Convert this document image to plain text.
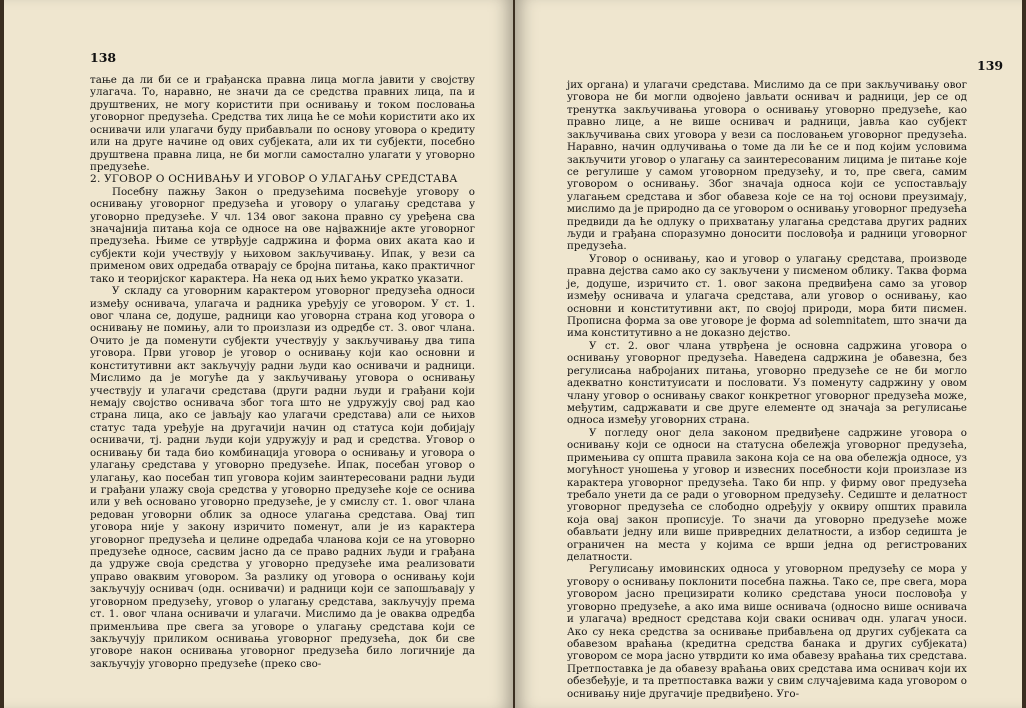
138

тање да ли би се и грађанска правна лица могла јавити у својству улагача. То, наравно, не значи да се средства правних лица, па и друштвених, не могу користити при оснивању и током пословања уговорног предузећа. Средства тих лица ће се моћи користити ако их оснивачи или улагачи буду прибављали по основу уговора о кредиту или на друге начине од ових субјеката, али их ти субјекти, посебно друштвена правна лица, не би могли самостално улагати у уговорно предузеће.

2. УГОВОР О ОСНИВАЊУ И УГОВОР О УЛАГАЊУ СРЕДСТАВА

Посебну пажњу Закон о предузећима посвећује уговору о оснивању уговорног предузећа и уговору о улагању средстава у уговорно предузеће. У чл. 134 овог закона правно су уређена сва значајнија питања која се односе на ове најважније акте уговорног предузећа. Њиме се утврђује садржина и форма ових аката као и субјекти који учествују у њиховом закључивању. Ипак, у вези са применом ових одредаба отварају се бројна питања, како практичног тако и теоријског карактера. На нека од њих ћемо укратко указати.

У складу са уговорним карактером уговорног предузећа односи између оснивача, улагача и радника уређују се уговором. У ст. 1. овог члана се, додуше, радници као уговорна страна код уговора о оснивању не помињу, али то произлази из одредбе ст. 3. овог члана. Очито је да поменути субјекти учествују у закључивању два типа уговора. Први уговор је уговор о оснивању који као основни и конститутивни акт закључују радни људи као оснивачи и радници. Мислимо да је могуће да у закључивању уговора о оснивању учествују и улагачи средстава (други радни људи и грађани који немају својство оснивача због тога што не удружују свој рад као страна лица, ако се јављају као улагачи средстава) али се њихов статус тада уређује на другачији начин од статуса који добијају оснивачи, тј. радни људи који удружују и рад и средства. Уговор о оснивању би тада био комбинација уговора о оснивању и уговора о улагању средстава у уговорно предузеће. Ипак, посебан уговор о улагању, као посебан тип уговора којим заинтересовани радни људи и грађани улажу своја средства у уговорно предузеће које се оснива или у већ основано уговорно предузеће, је у смислу ст. 1. овог члана редован уговорни облик за односе улагања средстава. Овај тип уговора није у закону изричито поменут, али је из карактера уговорног предузећа и целине одредаба чланова који се на уговорно предузеће односе, сасвим јасно да се право радних људи и грађана да удруже своја средства у уговорно предузеће има реализовати управо оваквим уговором. За разлику од уговора о оснивању који закључују оснивач (одн. оснивачи) и радници који се запошљавају у уговорном предузећу, уговор о улагању средстава, закључују према ст. 1. овог члана оснивачи и улагачи. Мислимо да је оваква одредба применљива пре свега за уговоре о улагању средстава који се закључују приликом оснивања уговорног предузећа, док би све уговоре након оснивања уговорног предузећа било логичније да закључују уговорно предузеће (преко сво-

139

јих органа) и улагачи средстава. Мислимо да се при закључивању овог уговора не би могли одвојено јављати оснивач и радници, јер се од тренутка закључивања уговора о оснивању уговорно предузеће, као правно лице, а не више оснивач и радници, јавља као субјект закључивања свих уговора у вези са пословањем уговорног предузећа. Наравно, начин одлучивања о томе да ли ће се и под којим условима закључити уговор о улагању са заинтересованим лицима је питање које се регулише у самом уговорном предузећу, и то, пре свега, самим уговором о оснивању. Због значаја односа који се успостављају улагањем средстава и због обавеза које се на тој основи преузимају, мислимо да је природно да се уговором о оснивању уговорног предузећа предвиди да ће одлуку о прихватању улагања средстава других радних људи и грађана споразумно доносити пословођа и радници уговорног предузећа.

Уговор о оснивању, као и уговор о улагању средстава, производе правна дејства само ако су закључени у писменом облику. Таква форма је, додуше, изричито ст. 1. овог закона предвиђена само за уговор између оснивача и улагача средстава, али уговор о оснивању, као основни и конститутивни акт, по својој природи, мора бити писмен. Прописна форма за ове уговоре је форма ad solemnitatem, што значи да има конститутивно а не доказно дејство.

У ст. 2. овог члана утврђена је основна садржина уговора о оснивању уговорног предузећа. Наведена садржина је обавезна, без регулисања набројаних питања, уговорно предузеће се не би могло адекватно конституисати и пословати. Уз поменуту садржину у овом члану уговор о оснивању сваког конкретног уговорног предузећа може, међутим, садржавати и све друге елементе од значаја за регулисање односа између уговорних страна.

У погледу оног дела законом предвиђене садржине уговора о оснивању који се односи на статусна обележја уговорног предузећа, примењива су општа правила закона која се на ова обележја односе, уз могућност уношења у уговор и извесних посебности који произлазе из карактера уговорног предузећа. Тако би нпр. у фирму овог предузећа требало унети да се ради о уговорном предузећу. Седиште и делатност уговорног предузећа се слободно одређују у оквиру општих правила која овај закон прописује. То значи да уговорно предузеће може обављати једну или више привредних делатности, а избор седишта је ограничен на места у којима се врши једна од регистрованих делатности.

Регулисању имовинских односа у уговорном предузећу се мора у уговору о оснивању поклонити посебна пажња. Тако се, пре свега, мора уговором јасно прецизирати колико средстава уноси пословођа у уговорно предузеће, а ако има више оснивача (односно више оснивача и улагача) вредност средстава који сваки оснивач одн. улагач уноси. Ако су нека средства за оснивање прибављена од других субјеката са обавезом враћања (кредитна средства банака и других субјеката) уговором се мора јасно утврдити ко има обавезу враћања тих средстава. Претпоставка је да обавезу враћања ових средстава има оснивач који их обезбеђује, и та претпоставка важи у свим случајевима када уговором о оснивању није другачије предвиђено. Уго-
